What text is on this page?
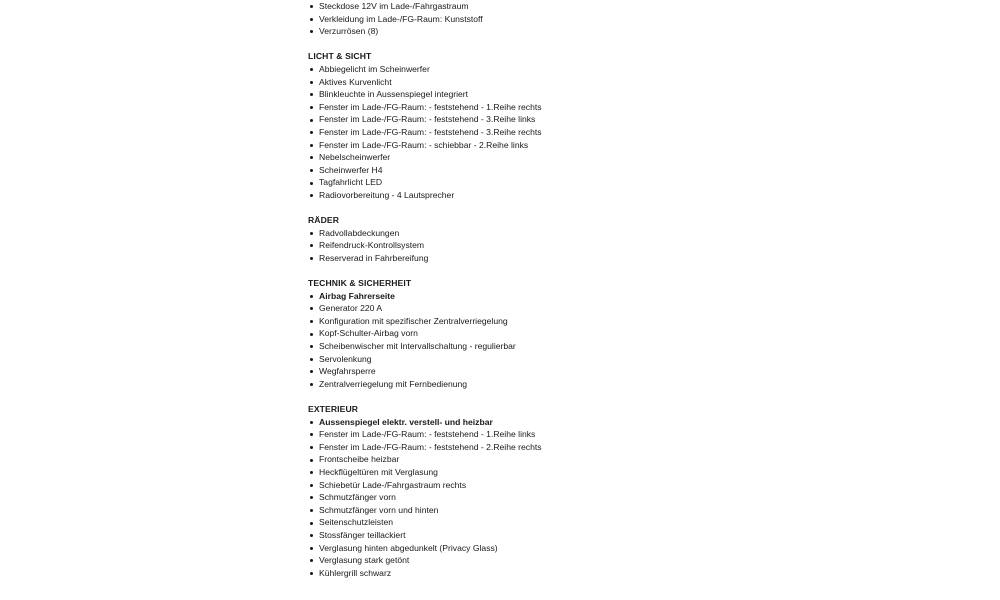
Steckdose 12V im Lade-/Fahrgastraum
Verkleidung im Lade-/FG-Raum: Kunststoff
Verzurrösen (8)
LICHT & SICHT
Abbiegelicht im Scheinwerfer
Aktives Kurvenlicht
Blinkleuchte in Aussenspiegel integriert
Fenster im Lade-/FG-Raum: - feststehend - 1.Reihe rechts
Fenster im Lade-/FG-Raum: - feststehend - 3.Reihe links
Fenster im Lade-/FG-Raum: - feststehend - 3.Reihe rechts
Fenster im Lade-/FG-Raum: - schiebbar - 2.Reihe links
Nebelscheinwerfer
Scheinwerfer H4
Tagfahrlicht LED
Radiovorbereitung - 4 Lautsprecher
RÄDER
Radvollabdeckungen
Reifendruck-Kontrollsystem
Reserverad in Fahrbereifung
TECHNIK & SICHERHEIT
Airbag Fahrerseite
Generator 220 A
Konfiguration mit spezifischer Zentralverriegelung
Kopf-Schulter-Airbag vorn
Scheibenwischer mit Intervallschaltung - regulierbar
Servolenkung
Wegfahrsperre
Zentralverriegelung mit Fernbedienung
EXTERIEUR
Aussenspiegel elektr. verstell- und heizbar
Fenster im Lade-/FG-Raum: - feststehend - 1.Reihe links
Fenster im Lade-/FG-Raum: - feststehend - 2.Reihe rechts
Frontscheibe heizbar
Heckflügeltüren mit Verglasung
Schiebetür Lade-/Fahrgastraum rechts
Schmutzfänger vorn
Schmutzfänger vorn und hinten
Seitenschutzleisten
Stossfänger teillackiert
Verglasung hinten abgedunkelt (Privacy Glass)
Verglasung stark getönt
Kühlergrill schwarz
